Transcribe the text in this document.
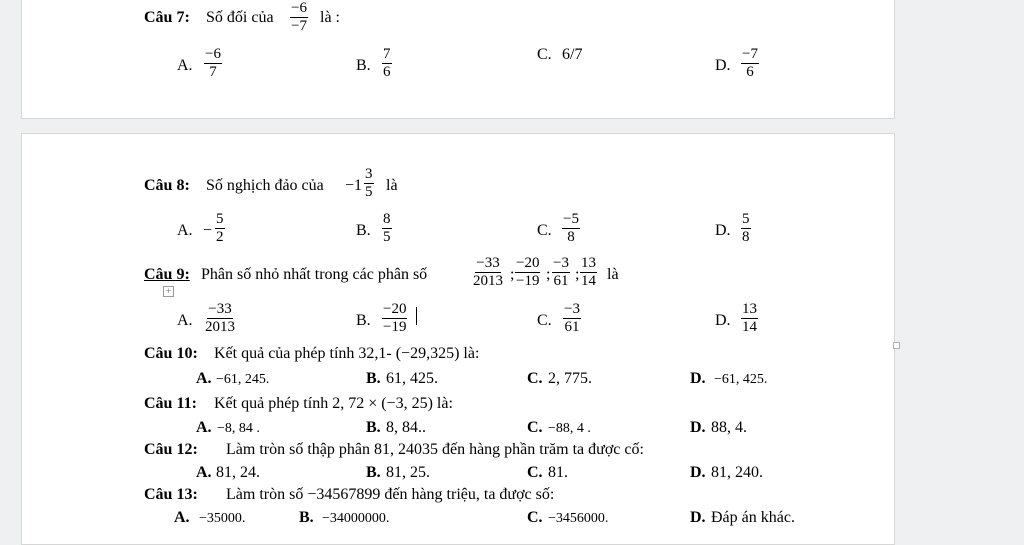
Câu 7: Số đối của $\frac{-6}{-7}$ là :
A. $\frac{-6}{7}$	B. $\frac{7}{6}$	C. 6/7
D. $\frac{-7}{6}$
Câu 8: Số nghịch đảo của $-1 \frac{3}{5}$ là
A. − $\frac{5}{2}$	B. $\frac{8}{5}$	C. $\frac{-5}{8}$	D. $\frac{5}{8}$
Câu 9: Phân số nhỏ nhất trong các phân số	$\frac{-33}{2013}$ ; $\frac{-20}{-19}$ ; $\frac{-3}{61}$ ; $\frac{13}{14}$ là
+
A. $\frac{-33}{2013}$	B. $\frac{-20}{-19}$	C. $\frac{-3}{61}$	D. $\frac{13}{14}$
Câu 10: Kết quả của phép tính 32,1- (−29,325) là:
A. −61, 245.	B. 61, 425.	C. 2, 775.	D. −61, 425.
Câu 11: Kết quả phép tính 2, 72 × (−3, 25) là:
A. −8, 84 .	B. 8, 84..	C. −88, 4 .	D. 88, 4.
Câu 12: Làm tròn số thập phân 81, 24035 đến hàng phần trăm ta được cố:
A. 81, 24.	B. 81, 25.	C. 81.	D. 81, 240.
Câu 13: Làm tròn số −34567899 đến hàng triệu, ta được số:
A. −35000.	B. −34000000.	C. −3456000.	D. Đáp án khác.
